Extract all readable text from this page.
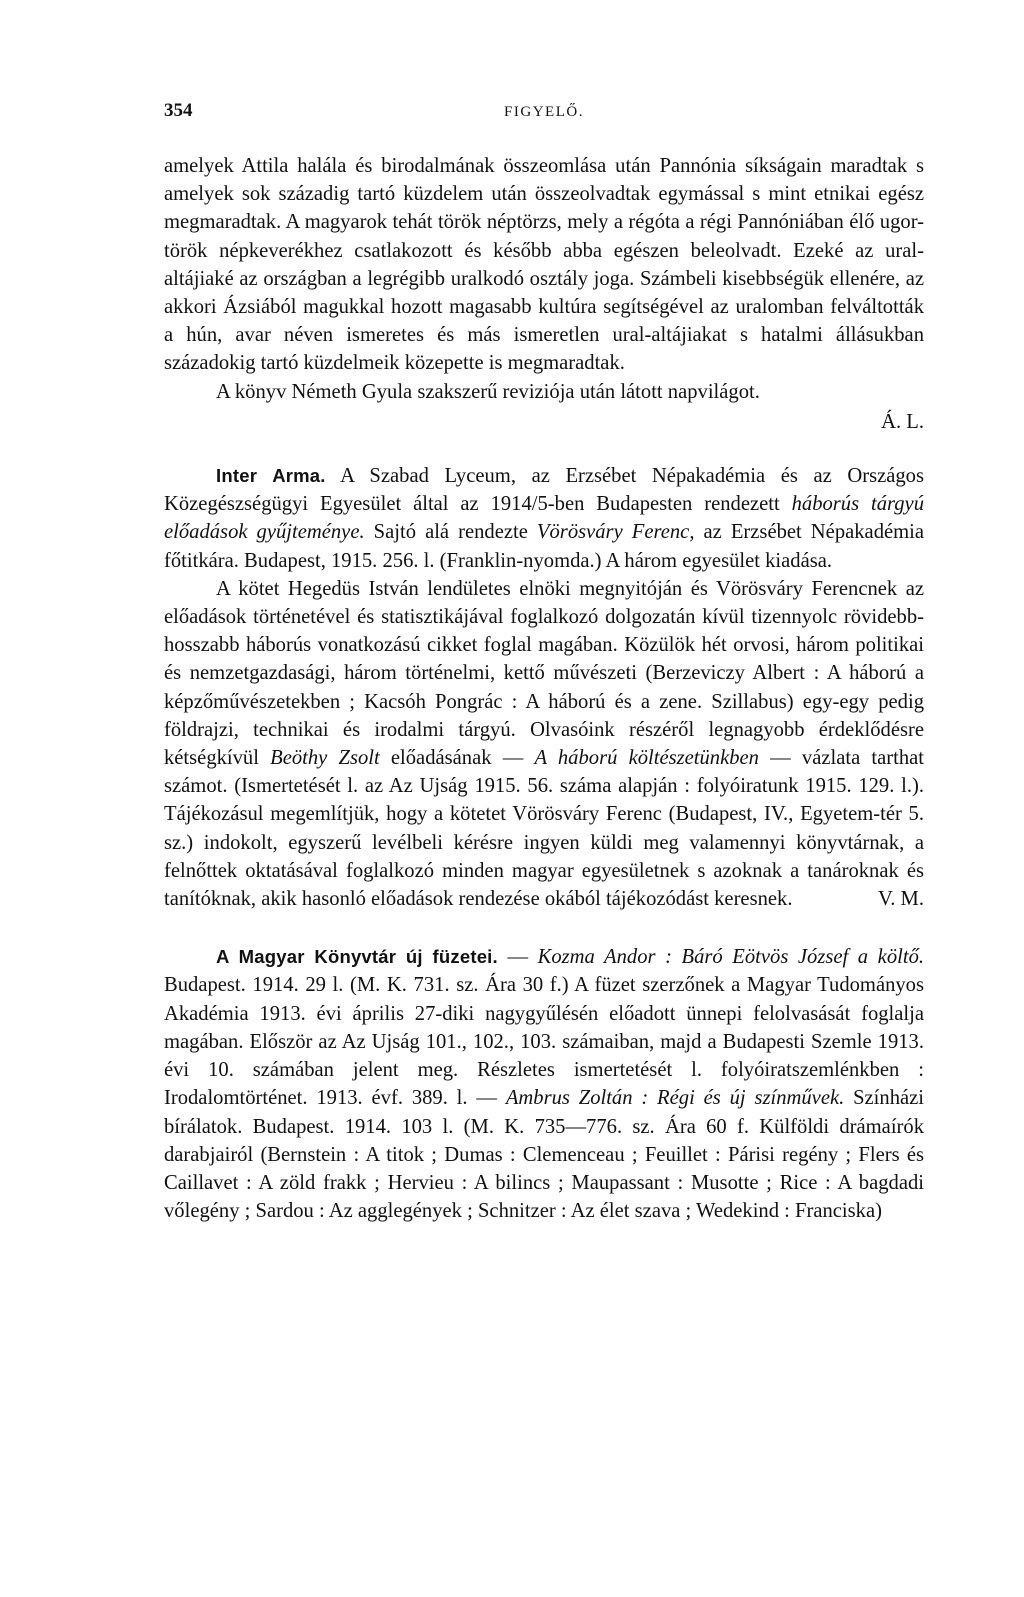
354	FIGYELŐ.

amelyek Attila halála és birodalmának összeomlása után Pannónia síkságain maradtak s amelyek sok századig tartó küzdelem után összeolvadtak egymással s mint etnikai egész megmaradtak. A magyarok tehát török néptörzs, mely a régóta a régi Pannóniában élő ugor-török népkeverékhez csatlakozott és később abba egészen beleolvadt. Ezeké az ural-altájiaké az országban a legrégibb uralkodó osztály joga. Számbeli kisebbségük ellenére, az akkori Ázsiából magukkal hozott magasabb kultúra segítségével az uralomban felváltották a hún, avar néven ismeretes és más ismeretlen ural-altájiakat s hatalmi állásukban századokig tartó küzdelmeik közepette is megmaradtak.

A könyv Németh Gyula szakszerű reviziója után látott napvilágot.

Á. L.

Inter Arma. A Szabad Lyceum, az Erzsébet Népakadémia és az Országos Közegészségügyi Egyesület által az 1914/5-ben Budapesten rendezett háborús tárgyú előadások gyűjteménye. Sajtó alá rendezte Vörösváry Ferenc, az Erzsébet Népakadémia főtitkára. Budapest, 1915. 256. l. (Franklin-nyomda.) A három egyesület kiadása.

A kötet Hegedüs István lendületes elnöki megnyitóján és Vörösváry Ferencnek az előadások történetével és statisztikájával foglalkozó dolgozatán kívül tizennyolc rövidebb-hosszabb háborús vonatkozású cikket foglal magában. Közülök hét orvosi, három politikai és nemzetgazdasági, három történelmi, kettő művészeti (Berzeviczy Albert : A háború a képzőművészetekben ; Kacsóh Pongrác : A háború és a zene. Szillabus) egy-egy pedig földrajzi, technikai és irodalmi tárgyú. Olvasóink részéről legnagyobb érdeklődésre kétségkívül Beöthy Zsolt előadásának — A háború költészetünkben — vázlata tarthat számot. (Ismertetését l. az Az Ujság 1915. 56. száma alapján : folyóiratunk 1915. 129. l.). Tájékozásul megemlítjük, hogy a kötetet Vörösváry Ferenc (Budapest, IV., Egyetem-tér 5. sz.) indokolt, egyszerű levélbeli kérésre ingyen küldi meg valamennyi könyvtárnak, a felnőttek oktatásával foglalkozó minden magyar egyesületnek s azoknak a tanároknak és tanítóknak, akik hasonló előadások rendezése okából tájékozódást keresnek.	V. M.

A Magyar Könyvtár új füzetei. — Kozma Andor : Báró Eötvös József a költő. Budapest. 1914. 29 l. (M. K. 731. sz. Ára 30 f.) A füzet szerzőnek a Magyar Tudományos Akadémia 1913. évi április 27-diki nagygyűlésén előadott ünnepi felolvasását foglalja magában. Először az Az Ujság 101., 102., 103. számaiban, majd a Budapesti Szemle 1913. évi 10. számában jelent meg. Részletes ismertetését l. folyóiratszemlénkben : Irodalomtörténet. 1913. évf. 389. l. — Ambrus Zoltán : Régi és új színművek. Színházi bírálatok. Budapest. 1914. 103 l. (M. K. 735—776. sz. Ára 60 f. Külföldi drámaírók darabjairól (Bernstein : A titok ; Dumas : Clemenceau ; Feuillet : Párisi regény ; Flers és Caillavet : A zöld frakk ; Hervieu : A bilincs ; Maupassant : Musotte ; Rice : A bagdadi vőlegény ; Sardou : Az agglegények ; Schnitzer : Az élet szava ; Wedekind : Franciska)
